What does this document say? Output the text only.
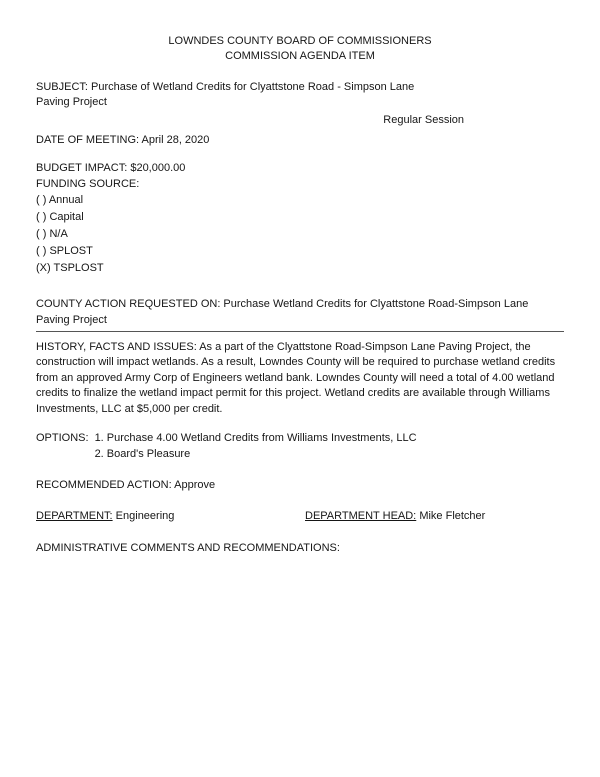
LOWNDES COUNTY BOARD OF COMMISSIONERS
COMMISSION AGENDA ITEM

SUBJECT: Purchase of Wetland Credits for Clyattstone Road - Simpson Lane Paving Project

Regular Session

DATE OF MEETING: April 28, 2020

BUDGET IMPACT: $20,000.00

FUNDING SOURCE:
( ) Annual
( ) Capital
( ) N/A
( ) SPLOST
(X) TSPLOST

COUNTY ACTION REQUESTED ON: Purchase Wetland Credits for Clyattstone Road-Simpson Lane Paving Project

HISTORY, FACTS AND ISSUES: As a part of the Clyattstone Road-Simpson Lane Paving Project, the construction will impact wetlands. As a result, Lowndes County will be required to purchase wetland credits from an approved Army Corp of Engineers wetland bank. Lowndes County will need a total of 4.00 wetland credits to finalize the wetland impact permit for this project. Wetland credits are available through Williams Investments, LLC at $5,000 per credit.

OPTIONS: 1. Purchase 4.00 Wetland Credits from Williams Investments, LLC
2. Board's Pleasure

RECOMMENDED ACTION: Approve

DEPARTMENT: Engineering	DEPARTMENT HEAD: Mike Fletcher

ADMINISTRATIVE COMMENTS AND RECOMMENDATIONS:
